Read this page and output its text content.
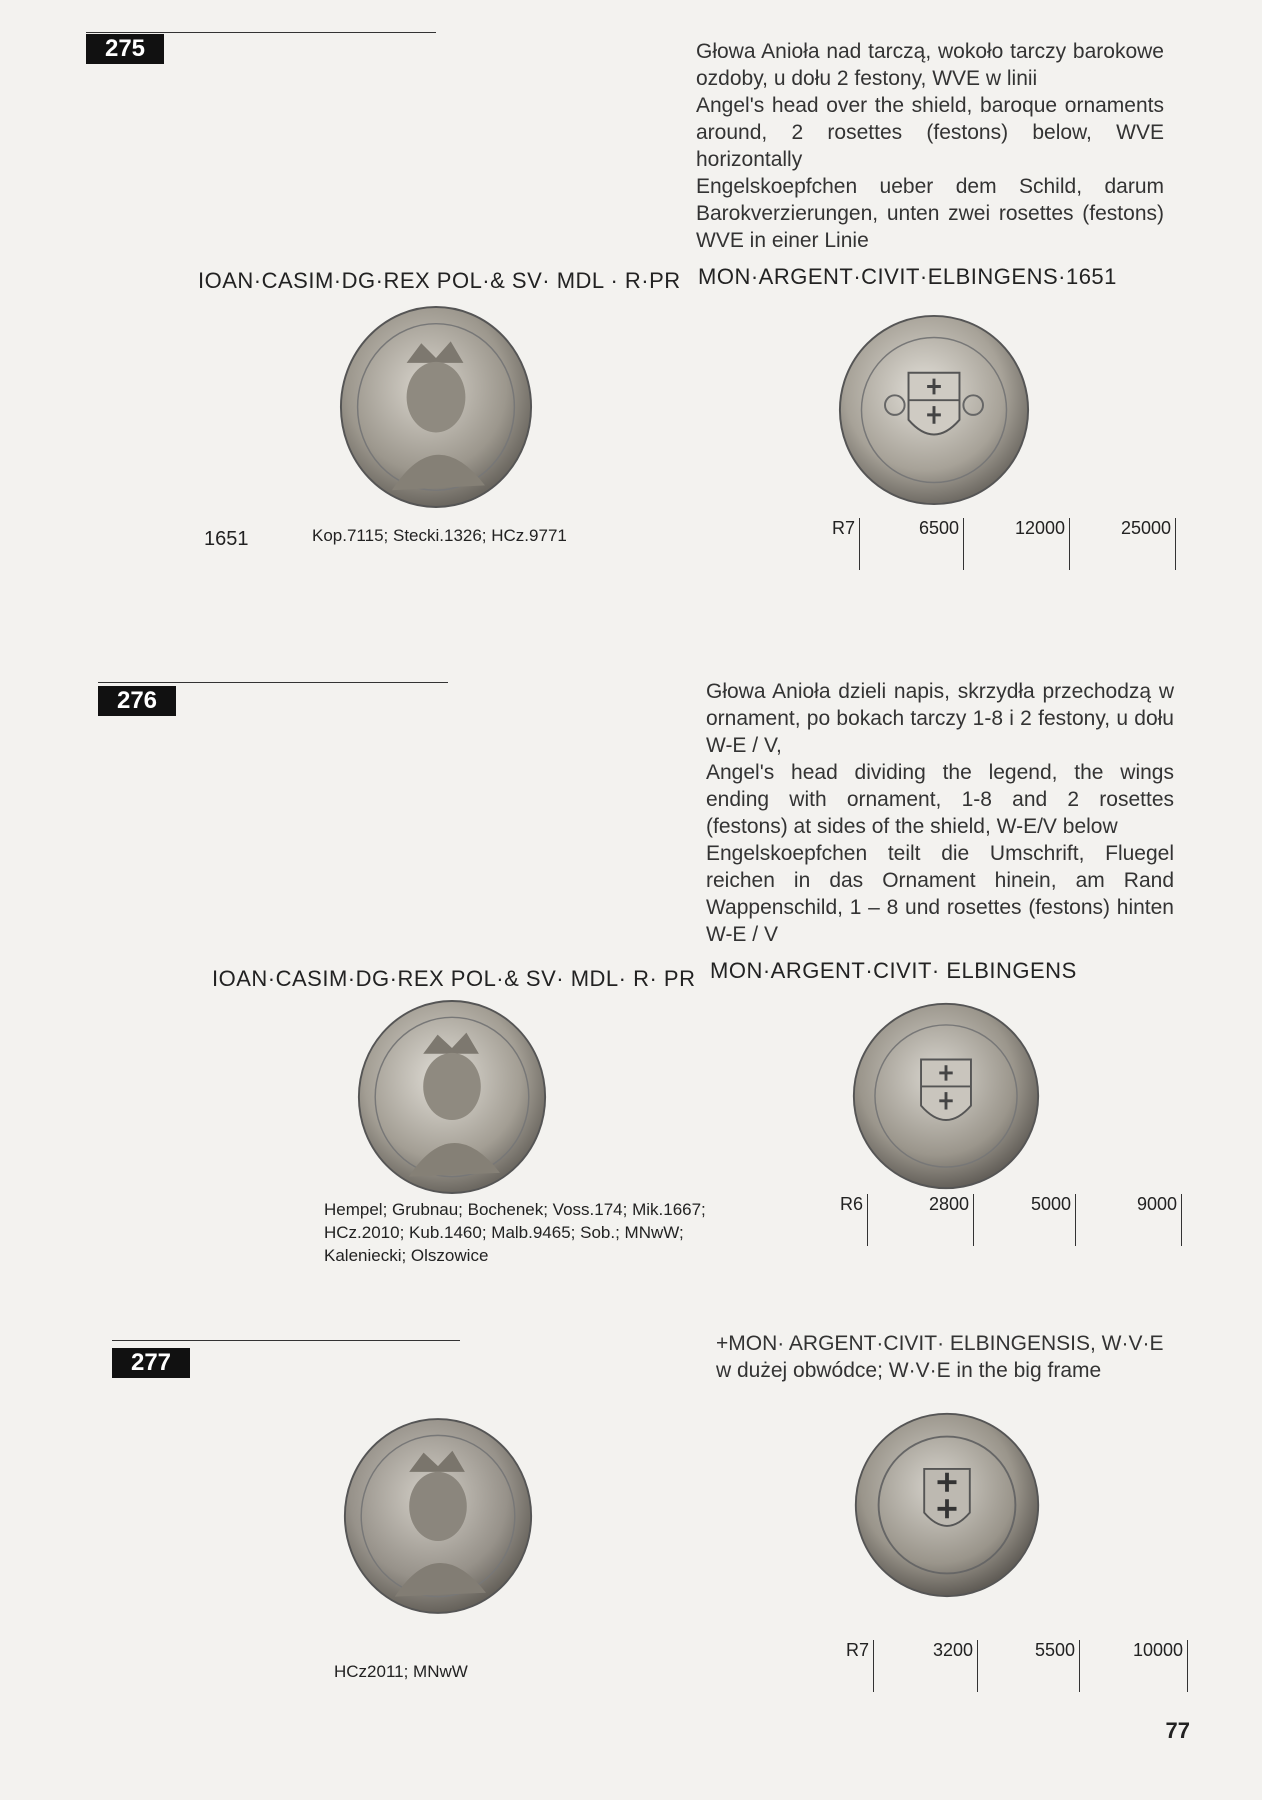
275	Głowa Anioła nad tarczą, wokoło tarczy barokowe ozdoby, u dołu 2 festony, WVE w linii

Angel's head over the shield, baroque ornaments around, 2 rosettes (festons) below, WVE horizontally

Engelskoepfchen ueber dem Schild, darum Barokverzierungen, unten zwei rosettes (festons) WVE in einer Linie

IOAN·CASIM·DG·REX POL·& SV· MDL · R·PR MON·ARGENT·CIVIT·ELBINGENS·1651
1651	Kop.7115; Stecki.1326; HCz.9771	R7	6500	12000	25000
276	Głowa Anioła dzieli napis, skrzydła przechodzą w ornament, po bokach tarczy 1-8 i 2 festony, u dołu W-E / V,

Angel's head dividing the legend, the wings ending with ornament, 1-8 and 2 rosettes (festons) at sides of the shield, W-E/V below

Engelskoepfchen teilt die Umschrift, Fluegel reichen in das Ornament hinein, am Rand Wappenschild, 1 – 8 und rosettes (festons) hinten W-E / V

IOAN·CASIM·DG·REX POL·& SV· MDL· R· PR MON·ARGENT·CIVIT· ELBINGENS
Hempel; Grubnau; Bochenek; Voss.174; Mik.1667; HCz.2010; Kub.1460; Malb.9465; Sob.; MNwW; Kaleniecki; Olszowice
R6	2800	5000	9000
277

+MON· ARGENT·CIVIT· ELBINGENSIS, W·V·E w dużej obwódce; W·V·E in the big frame

HCz2011; MNwW
R7	3200	5500	10000
77
